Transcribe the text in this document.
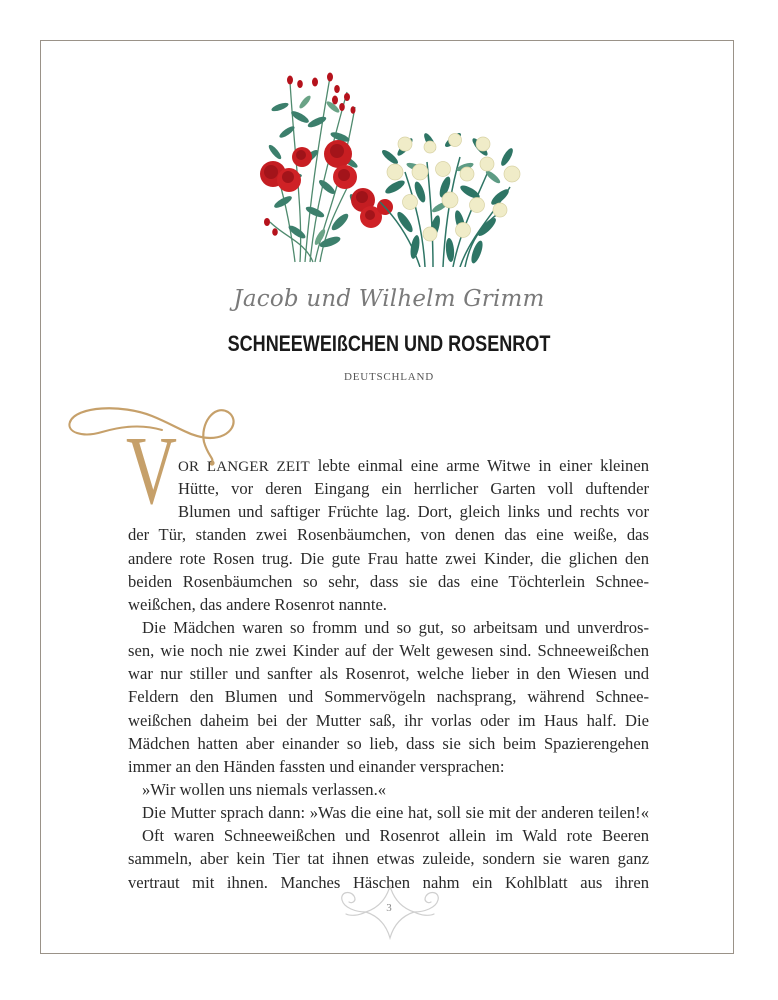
Jacob und Wilhelm Grimm
SCHNEEWEIßCHEN UND ROSENROT
DEUTSCHLAND
V OR LANGER ZEIT lebte einmal eine arme Witwe in einer kleinen
Hütte, vor deren Eingang ein herrlicher Garten voll duftender
Blumen und saftiger Früchte lag. Dort, gleich links und rechts vor
der Tür, standen zwei Rosenbäumchen, von denen das eine weiße, das
andere rote Rosen trug. Die gute Frau hatte zwei Kinder, die glichen den
beiden Rosenbäumchen so sehr, dass sie das eine Töchterlein Schnee-
weißchen, das andere Rosenrot nannte.
Die Mädchen waren so fromm und so gut, so arbeitsam und unverdros-
sen, wie noch nie zwei Kinder auf der Welt gewesen sind. Schneeweißchen
war nur stiller und sanfter als Rosenrot, welche lieber in den Wiesen und
Feldern den Blumen und Sommervögeln nachsprang, während Schnee-
weißchen daheim bei der Mutter saß, ihr vorlas oder im Haus half. Die
Mädchen hatten aber einander so lieb, dass sie sich beim Spazierengehen
immer an den Händen fassten und einander versprachen:
»Wir wollen uns niemals verlassen.«
Die Mutter sprach dann: »Was die eine hat, soll sie mit der anderen teilen!«
Oft waren Schneeweißchen und Rosenrot allein im Wald rote Beeren
sammeln, aber kein Tier tat ihnen etwas zuleide, sondern sie waren ganz
vertraut mit ihnen. Manches Häschen nahm ein Kohlblatt aus ihren
3
